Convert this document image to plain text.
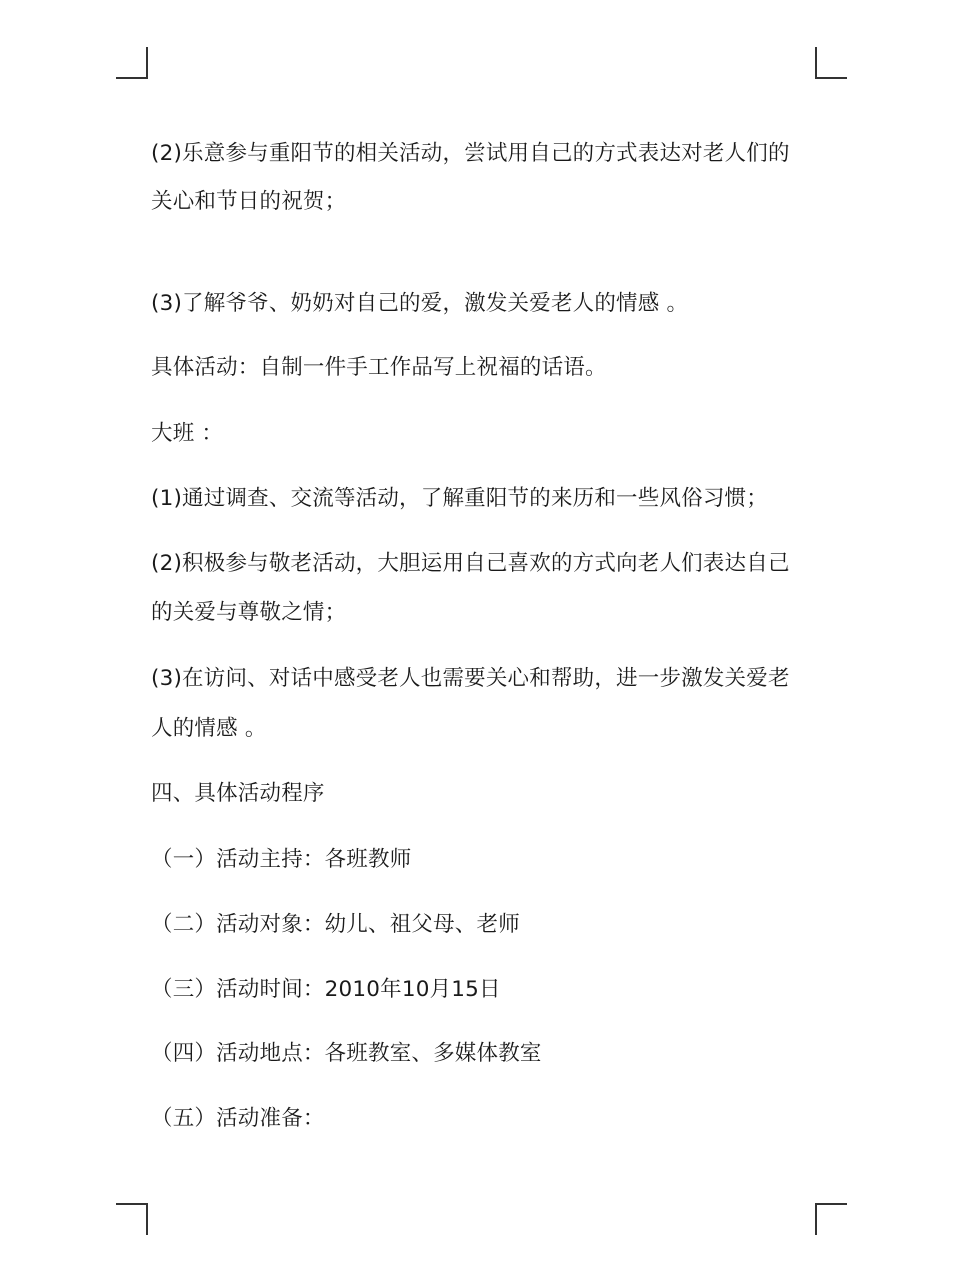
(2)乐意参与重阳节的相关活动，尝试用自己的方式表达对老人们的

关心和节日的祝贺；

(3)了解爷爷、奶奶对自己的爱，激发关爱老人的情感 。

具体活动：自制一件手工作品写上祝福的话语。

大班 ：

(1)通过调查、交流等活动，了解重阳节的来历和一些风俗习惯；

(2)积极参与敬老活动，大胆运用自己喜欢的方式向老人们表达自己

的关爱与尊敬之情；

(3)在访问、对话中感受老人也需要关心和帮助，进一步激发关爱老

人的情感 。

四、具体活动程序

（一）活动主持：各班教师

（二）活动对象：幼儿、祖父母、老师

（三）活动时间：2010年10月15日

（四）活动地点：各班教室、多媒体教室

（五）活动准备：
